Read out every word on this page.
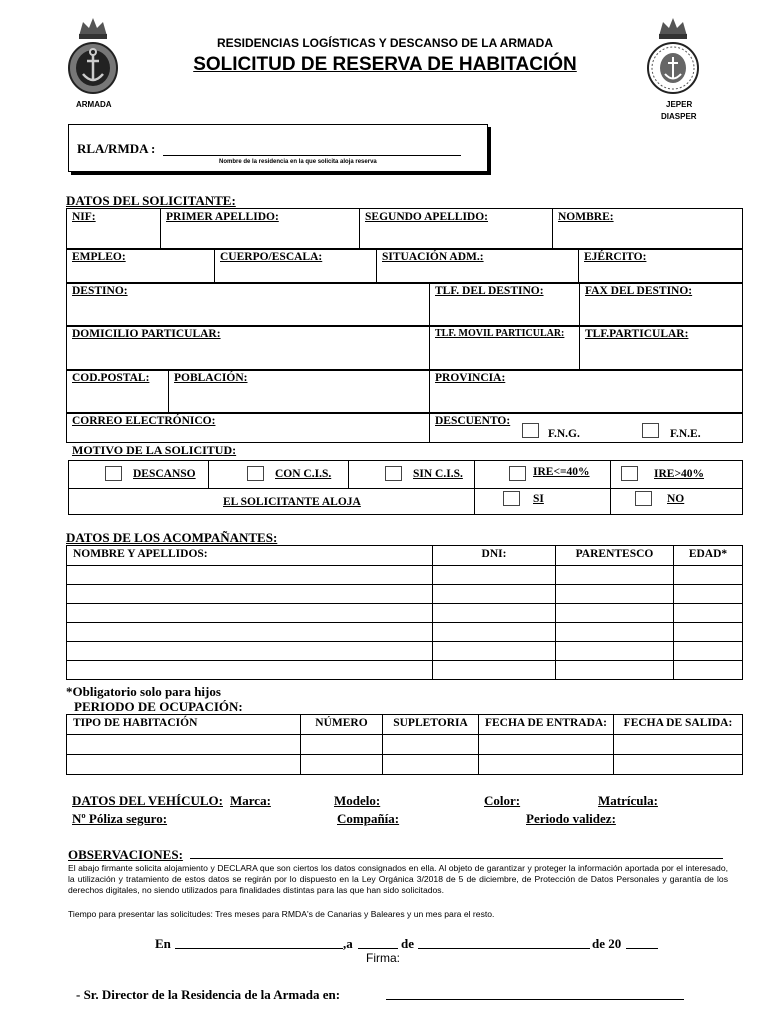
RESIDENCIAS LOGÍSTICAS Y DESCANSO DE LA ARMADA
SOLICITUD DE RESERVA DE HABITACIÓN
ARMADA	JEPER
DIASPER
RLA/RMDA :
Nombre de la residencia en la que solicita aloja reserva
DATOS DEL SOLICITANTE:
NIF:	PRIMER APELLIDO:	SEGUNDO APELLIDO:	NOMBRE:
EMPLEO:	CUERPO/ESCALA:	SITUACIÓN ADM.:	EJÉRCITO:
DESTINO:	TLF. DEL DESTINO:	FAX DEL DESTINO:
DOMICILIO PARTICULAR:	TLF. MOVIL PARTICULAR:	TLF.PARTICULAR:
COD.POSTAL:	POBLACIÓN:	PROVINCIA:
CORREO ELECTRÓNICO:	DESCUENTO:
F.N.G.	F.N.E.
MOTIVO DE LA SOLICITUD:
DESCANSO	CON C.I.S.	SIN C.I.S.	IRE<=40%	IRE>40%

EL SOLICITANTE ALOJA			SI	NO
DATOS DE LOS ACOMPAÑANTES:
NOMBRE Y APELLIDOS:	DNI:	PARENTESCO	EDAD*

*Obligatorio solo para hijos
PERIODO DE OCUPACIÓN:
TIPO DE HABITACIÓN	NÚMERO	SUPLETORIA	FECHA DE ENTRADA:	FECHA DE SALIDA:

DATOS DEL VEHÍCULO: Marca:	Modelo:	Color:	Matrícula:
Nº Póliza seguro:	Compañía:	Periodo validez:
OBSERVACIONES:
El abajo firmante solicita alojamiento y DECLARA que son ciertos los datos consignados en ella. Al objeto de garantizar y proteger la información aportada por el interesado, la utilización y tratamiento de estos datos se regirán por lo dispuesto en la Ley Orgánica 3/2018 de 5 de diciembre, de Protección de Datos Personales y garantía de los derechos digitales, no siendo utilizados para finalidades distintas para las que han sido solicitados.
Tiempo para presentar las solicitudes: Tres meses para RMDA's de Canarias y Baleares y un mes para el resto.
En	,a	de	de 20
Firma:
- Sr. Director de la Residencia de la Armada en:
